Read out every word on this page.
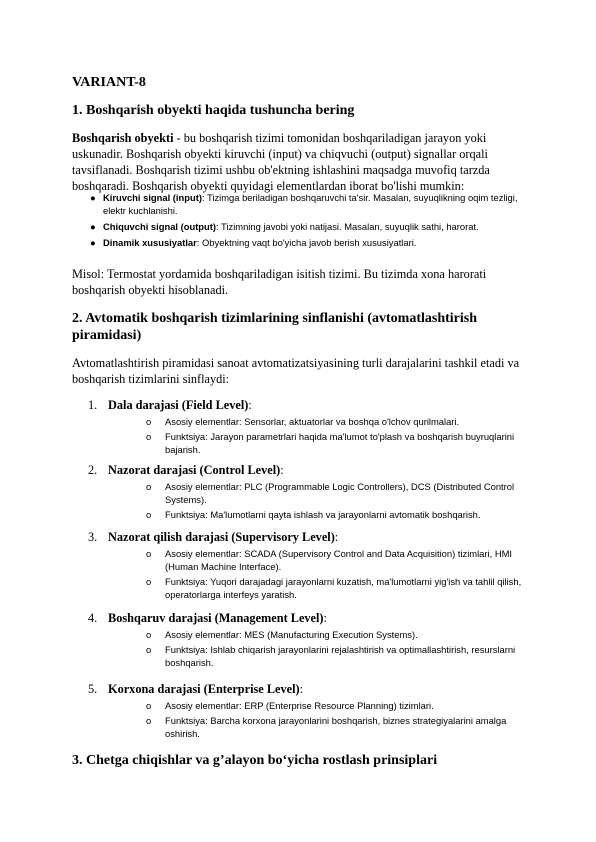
VARIANT-8
1. Boshqarish obyekti haqida tushuncha bering
Boshqarish obyekti - bu boshqarish tizimi tomonidan boshqariladigan jarayon yoki uskunadir. Boshqarish obyekti kiruvchi (input) va chiqvuchi (output) signallar orqali tavsiflanadi. Boshqarish tizimi ushbu ob'ektning ishlashini maqsadga muvofiq tarzda boshqaradi. Boshqarish obyekti quyidagi elementlardan iborat bo'lishi mumkin:
● Kiruvchi signal (input): Tizimga beriladigan boshqaruvchi ta'sir. Masalan, suyuqlikning oqim tezligi, elektr kuchlanishi.
● Chiquvchi signal (output): Tizimning javobi yoki natijasi. Masalan, suyuqlik sathi, harorat.
● Dinamik xususiyatlar: Obyektning vaqt bo'yicha javob berish xususiyatlari.
Misol: Termostat yordamida boshqariladigan isitish tizimi. Bu tizimda xona harorati boshqarish obyekti hisoblanadi.
2. Avtomatik boshqarish tizimlarining sinflanishi (avtomatlashtirish piramidasi)
Avtomatlashtirish piramidasi sanoat avtomatizatsiyasining turli darajalarini tashkil etadi va boshqarish tizimlarini sinflaydi:
1. Dala darajasi (Field Level):
o Asosiy elementlar: Sensorlar, aktuatorlar va boshqa o'lchov qurilmalari.
o Funktsiya: Jarayon parametrlari haqida ma'lumot to'plash va boshqarish buyruqlarini bajarish.
2. Nazorat darajasi (Control Level):
o Asosiy elementlar: PLC (Programmable Logic Controllers), DCS (Distributed Control Systems).
o Funktsiya: Ma'lumotlarni qayta ishlash va jarayonlarni avtomatik boshqarish.
3. Nazorat qilish darajasi (Supervisory Level):
o Asosiy elementlar: SCADA (Supervisory Control and Data Acquisition) tizimlari, HMI (Human Machine Interface).
o Funktsiya: Yuqori darajadagi jarayonlarni kuzatish, ma'lumotlarni yig'ish va tahlil qilish, operatorlarga interfeys yaratish.
4. Boshqaruv darajasi (Management Level):
o Asosiy elementlar: MES (Manufacturing Execution Systems).
o Funktsiya: Ishlab chiqarish jarayonlarini rejalashtirish va optimallashtirish, resurslarni boshqarish.
5. Korxona darajasi (Enterprise Level):
o Asosiy elementlar: ERP (Enterprise Resource Planning) tizimlari.
o Funktsiya: Barcha korxona jarayonlarini boshqarish, biznes strategiyalarini amalga oshirish.
3. Chetga chiqishlar va g’alayon bo‘yicha rostlash prinsiplari
